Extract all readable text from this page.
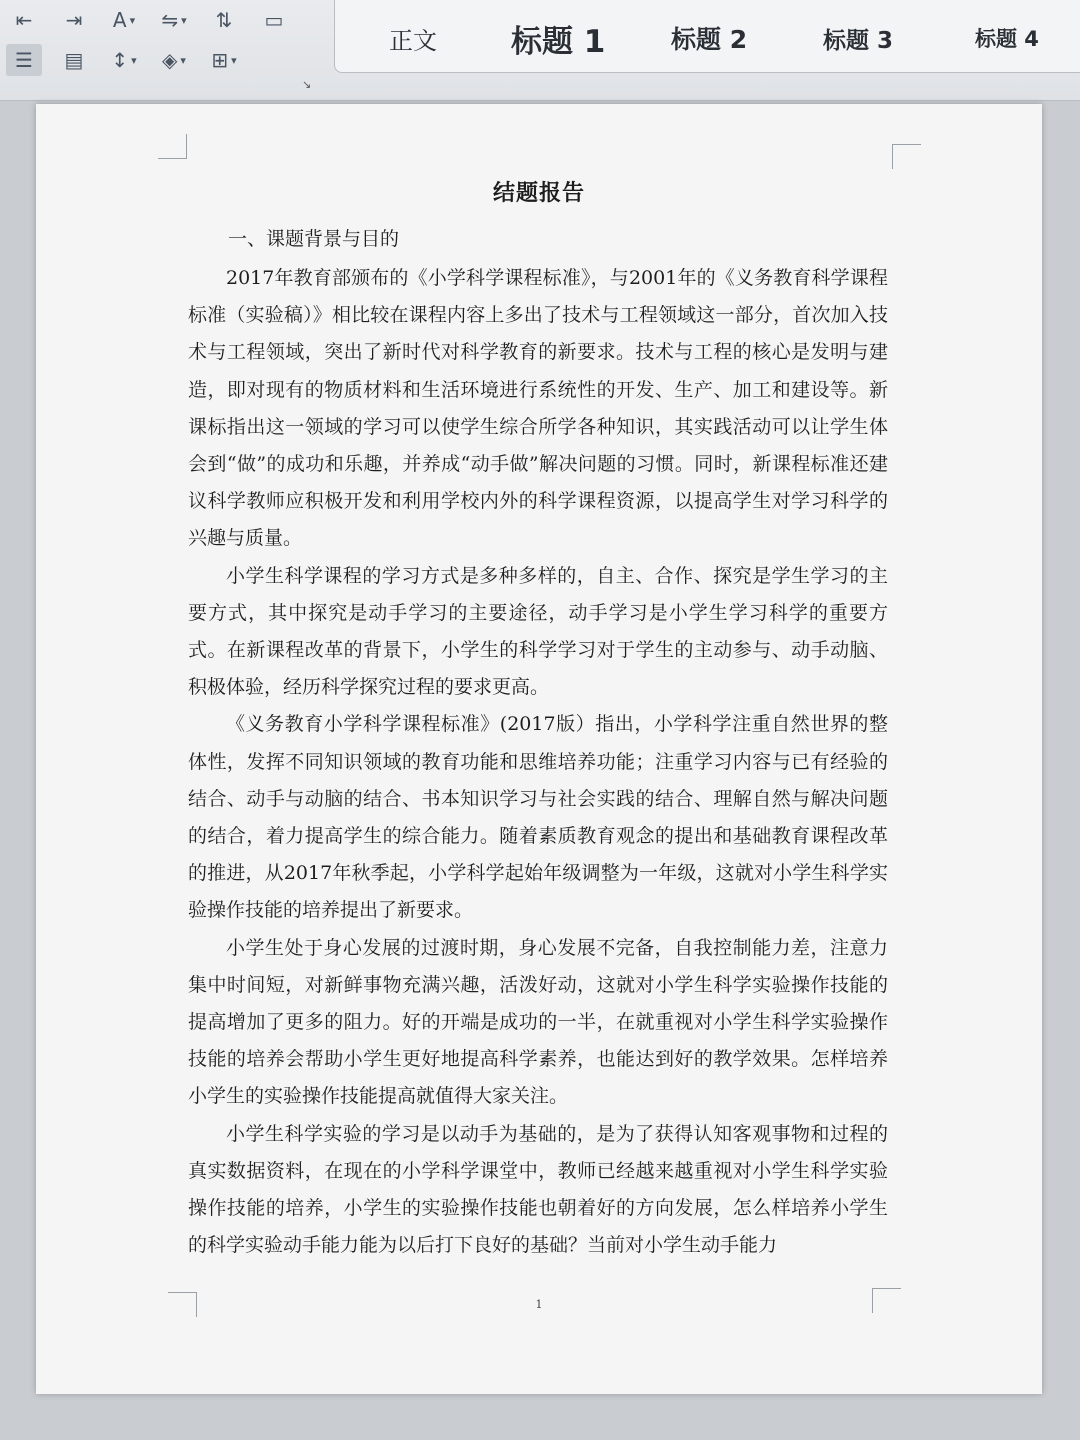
⇤ ⇥ A ▾ ⇋ ▾ ⇅ ▭
☰ ▤ ↕ ▾ ◈ ▾ ⊞ ▾
↘
正文 标题 1	标题 2	标题 3	标题 4
结题报告
一、课题背景与目的

2017年教育部颁布的《小学科学课程标准》，与2001年的《义务教育科学课程标准（实验稿）》相比较在课程内容上多出了技术与工程领域这一部分，首次加入技术与工程领域，突出了新时代对科学教育的新要求。技术与工程的核心是发明与建造，即对现有的物质材料和生活环境进行系统性的开发、生产、加工和建设等。新课标指出这一领域的学习可以使学生综合所学各种知识，其实践活动可以让学生体会到“做”的成功和乐趣，并养成“动手做”解决问题的习惯。同时，新课程标准还建议科学教师应积极开发和利用学校内外的科学课程资源，以提高学生对学习科学的兴趣与质量。

小学生科学课程的学习方式是多种多样的，自主、合作、探究是学生学习的主要方式，其中探究是动手学习的主要途径，动手学习是小学生学习科学的重要方式。在新课程改革的背景下，小学生的科学学习对于学生的主动参与、动手动脑、积极体验，经历科学探究过程的要求更高。

《义务教育小学科学课程标准》(2017版）指出，小学科学注重自然世界的整体性，发挥不同知识领域的教育功能和思维培养功能；注重学习内容与已有经验的结合、动手与动脑的结合、书本知识学习与社会实践的结合、理解自然与解决问题的结合，着力提高学生的综合能力。随着素质教育观念的提出和基础教育课程改革的推进，从2017年秋季起，小学科学起始年级调整为一年级，这就对小学生科学实验操作技能的培养提出了新要求。

小学生处于身心发展的过渡时期，身心发展不完备，自我控制能力差，注意力集中时间短，对新鲜事物充满兴趣，活泼好动，这就对小学生科学实验操作技能的提高增加了更多的阻力。好的开端是成功的一半，在就重视对小学生科学实验操作技能的培养会帮助小学生更好地提高科学素养，也能达到好的教学效果。怎样培养小学生的实验操作技能提高就值得大家关注。

小学生科学实验的学习是以动手为基础的，是为了获得认知客观事物和过程的真实数据资料，在现在的小学科学课堂中，教师已经越来越重视对小学生科学实验操作技能的培养，小学生的实验操作技能也朝着好的方向发展，怎么样培养小学生的科学实验动手能力能为以后打下良好的基础？当前对小学生动手能力

1
